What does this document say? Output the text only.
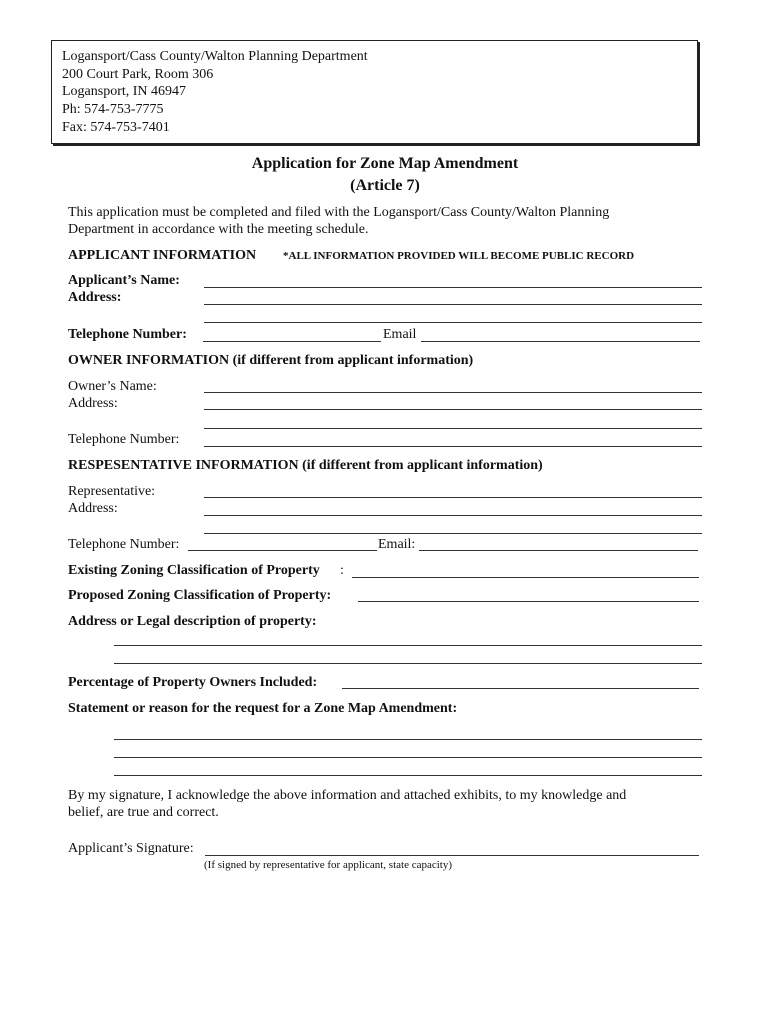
Logansport/Cass County/Walton Planning Department
200 Court Park, Room 306
Logansport, IN 46947
Ph: 574-753-7775
Fax: 574-753-7401
Application for Zone Map Amendment
(Article 7)
This application must be completed and filed with the Logansport/Cass County/Walton Planning
Department in accordance with the meeting schedule.
APPLICANT INFORMATION *ALL INFORMATION PROVIDED WILL BECOME PUBLIC RECORD
Applicant’s Name:
Address:
Telephone Number:	Email
OWNER INFORMATION (if different from applicant information)
Owner’s Name:
Address:
Telephone Number:
RESPESENTATIVE INFORMATION (if different from applicant information)
Representative:
Address:
Telephone Number:	Email:
Existing Zoning Classification of Property :
Proposed Zoning Classification of Property:
Address or Legal description of property:
Percentage of Property Owners Included:
Statement or reason for the request for a Zone Map Amendment:
By my signature, I acknowledge the above information and attached exhibits, to my knowledge and
belief, are true and correct.
Applicant’s Signature:
(If signed by representative for applicant, state capacity)
